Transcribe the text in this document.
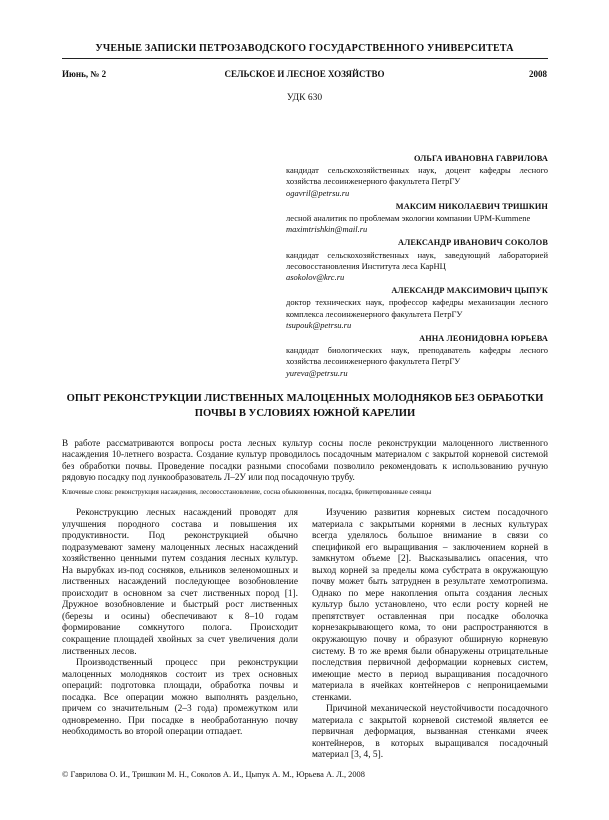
УЧЕНЫЕ ЗАПИСКИ ПЕТРОЗАВОДСКОГО ГОСУДАРСТВЕННОГО УНИВЕРСИТЕТА
Июнь, № 2	СЕЛЬСКОЕ И ЛЕСНОЕ ХОЗЯЙСТВО	2008
УДК 630
ОЛЬГА ИВАНОВНА ГАВРИЛОВА
кандидат сельскохозяйственных наук, доцент кафедры лесного хозяйства лесоинженерного факультета ПетрГУ
ogavril@petrsu.ru
МАКСИМ НИКОЛАЕВИЧ ТРИШКИН
лесной аналитик по проблемам экологии компании UPM-Kummene
maximtrishkin@mail.ru
АЛЕКСАНДР ИВАНОВИЧ СОКОЛОВ
кандидат сельскохозяйственных наук, заведующий лабораторией лесовосстановления Института леса КарНЦ
asokolov@krc.ru
АЛЕКСАНДР МАКСИМОВИЧ ЦЫПУК
доктор технических наук, профессор кафедры механизации лесного комплекса лесоинженерного факультета ПетрГУ
tsupouk@petrsu.ru
АННА ЛЕОНИДОВНА ЮРЬЕВА
кандидат биологических наук, преподаватель кафедры лесного хозяйства лесоинженерного факультета ПетрГУ
yureva@petrsu.ru
ОПЫТ РЕКОНСТРУКЦИИ ЛИСТВЕННЫХ МАЛОЦЕННЫХ МОЛОДНЯКОВ БЕЗ ОБРАБОТКИ ПОЧВЫ В УСЛОВИЯХ ЮЖНОЙ КАРЕЛИИ
В работе рассматриваются вопросы роста лесных культур сосны после реконструкции малоценного лиственного насаждения 10-летнего возраста. Создание культур проводилось посадочным материалом с закрытой корневой системой без обработки почвы. Проведение посадки разными способами позволило рекомендовать к использованию ручную рядовую посадку под лункообразователь Л–2У или под посадочную трубу.
Ключевые слова: реконструкция насаждения, лесовосстановление, сосна обыкновенная, посадка, брикетированные сеянцы

Реконструкцию лесных насаждений проводят для улучшения породного состава и повышения их продуктивности. Под реконструкцией обычно подразумевают замену малоценных лесных насаждений хозяйственно ценными путем создания лесных культур. На вырубках из-под сосняков, ельников зеленомошных и лиственных насаждений последующее возобновление происходит в основном за счет лиственных пород [1]. Дружное возобновление и быстрый рост лиственных (березы и осины) обеспечивают к 8–10 годам формирование сомкнутого полога. Происходит сокращение площадей хвойных за счет увеличения доли лиственных лесов.

Производственный процесс при реконструкции малоценных молодняков состоит из трех основных операций: подготовка площади, обработка почвы и посадка. Все операции можно выполнять раздельно, причем со значительным (2–3 года) промежутком или одновременно. При посадке в необработанную почву необходимость во второй операции отпадает.

Изучению развития корневых систем посадочного материала с закрытыми корнями в лесных культурах всегда уделялось большое внимание в связи со спецификой его выращивания – заключением корней в замкнутом объеме [2]. Высказывались опасения, что выход корней за пределы кома субстрата в окружающую почву может быть затруднен в результате хемотропизма. Однако по мере накопления опыта создания лесных культур было установлено, что если росту корней не препятствует оставленная при посадке оболочка корнезакрывающего кома, то они распространяются в окружающую почву и образуют обширную корневую систему. В то же время были обнаружены отрицательные последствия первичной деформации корневых систем, имеющие место в период выращивания посадочного материала в ячейках контейнеров с непроницаемыми стенками.

Причиной механической неустойчивости посадочного материала с закрытой корневой системой является ее первичная деформация, вызванная стенками ячеек контейнеров, в которых выращивался посадочный материал [3, 4, 5].

© Гаврилова О. И., Тришкин М. Н., Соколов А. И., Цыпук А. М., Юрьева А. Л., 2008
